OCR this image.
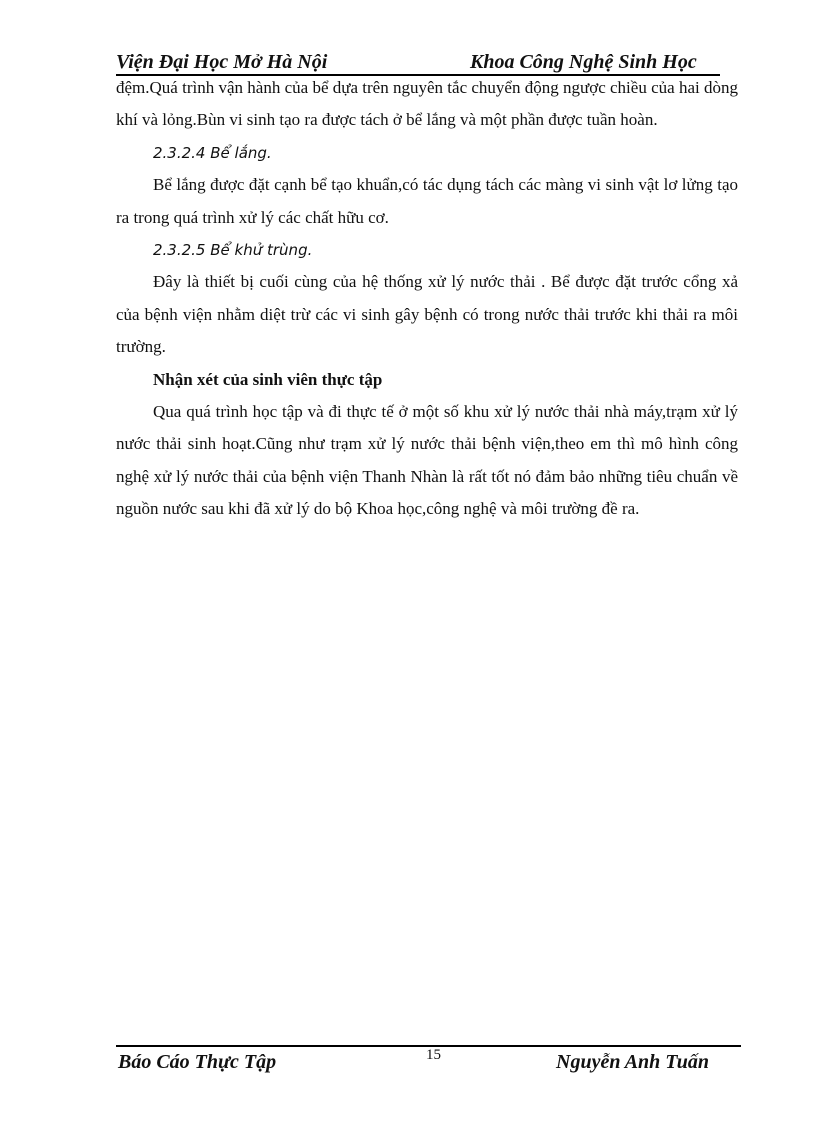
Viện Đại Học Mở Hà Nội	Khoa Công Nghệ Sinh Học

đệm.Quá trình vận hành của bể dựa trên nguyên tắc chuyển động ngược chiều của hai dòng khí và lỏng.Bùn vi sinh tạo ra được tách ở bể lắng và một phần được tuần hoàn.

2.3.2.4 Bể lắng.

Bể lắng được đặt cạnh bể tạo khuẩn,có tác dụng tách các màng vi sinh vật lơ lửng tạo ra trong quá trình xử lý các chất hữu cơ.

2.3.2.5 Bể khử trùng.

Đây là thiết bị cuối cùng của hệ thống xử lý nước thải . Bể được đặt trước cổng xả của bệnh viện nhằm diệt trừ các vi sinh gây bệnh có trong nước thải trước khi thải ra môi trường.

Nhận xét của sinh viên thực tập

Qua quá trình học tập và đi thực tế ở một số khu xử lý nước thải nhà máy,trạm xử lý nước thải sinh hoạt.Cũng như trạm xử lý nước thải bệnh viện,theo em thì mô hình công nghệ xử lý nước thải của bệnh viện Thanh Nhàn là rất tốt nó đảm bảo những tiêu chuẩn về nguồn nước sau khi đã xử lý do bộ Khoa học,công nghệ và môi trường đề ra.

Báo Cáo Thực Tập	15	Nguyễn Anh Tuấn
